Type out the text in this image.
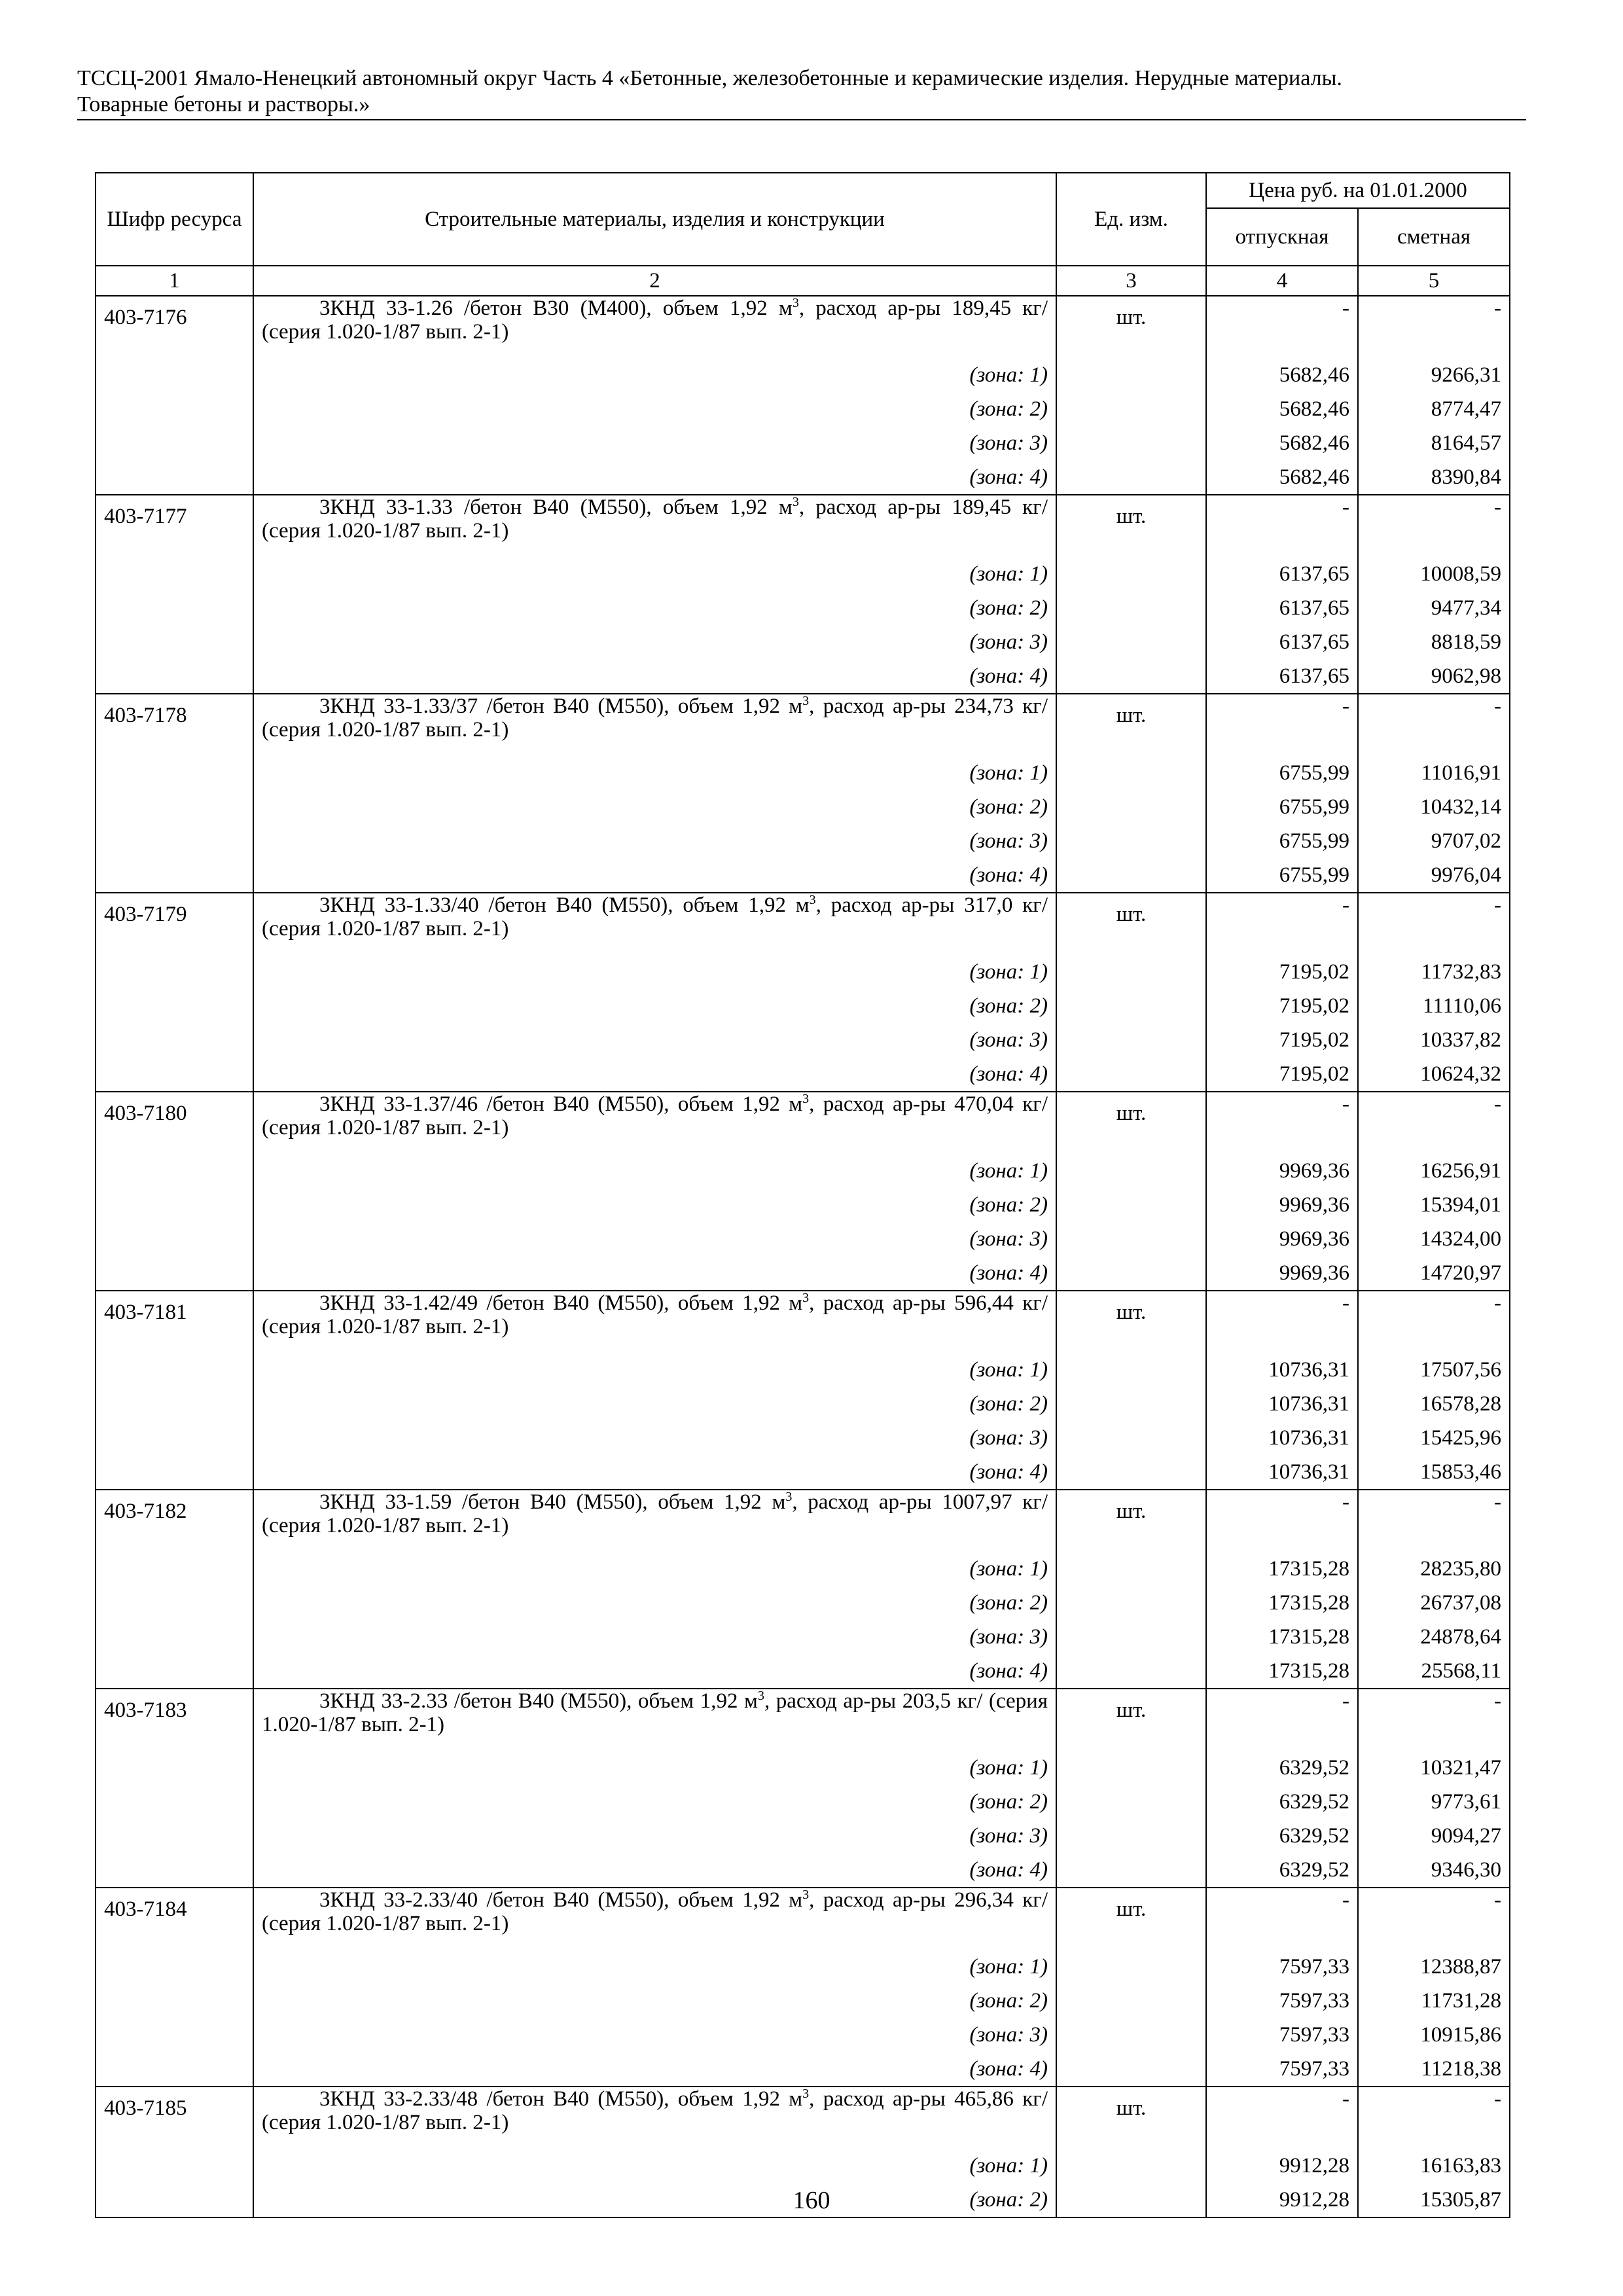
ТССЦ-2001 Ямало-Ненецкий автономный округ Часть 4 «Бетонные, железобетонные и керамические изделия. Нерудные материалы.
Товарные бетоны и растворы.»
Шифр ресурса	Строительные материалы, изделия и конструкции	Ед. изм.	Цена руб. на 01.01.2000	
			отпускная	сметная
1	2	3	4	5
403-7176	3КНД 33-1.26 /бетон В30 (М400), объем 1,92 $м^3$, расход ар-ры 189,45 кг/ (серия 1.020-1/87 вып. 2-1)	шт.	-	-
	(зона: 1)		5682,46	9266,31
	(зона: 2)		5682,46	8774,47
	(зона: 3)		5682,46	8164,57
	(зона: 4)		5682,46	8390,84
403-7177	3КНД 33-1.33 /бетон В40 (М550), объем 1,92 $м^3$, расход ар-ры 189,45 кг/ (серия 1.020-1/87 вып. 2-1)	шт.	-	-
	(зона: 1)		6137,65	10008,59
	(зона: 2)		6137,65	9477,34
	(зона: 3)		6137,65	8818,59
	(зона: 4)		6137,65	9062,98
403-7178	3КНД 33-1.33/37 /бетон В40 (М550), объем 1,92 $м^3$, расход ар-ры 234,73 кг/ (серия 1.020-1/87 вып. 2-1)	шт.	-	-
	(зона: 1)		6755,99	11016,91
	(зона: 2)		6755,99	10432,14
	(зона: 3)		6755,99	9707,02
	(зона: 4)		6755,99	9976,04
403-7179	3КНД 33-1.33/40 /бетон В40 (М550), объем 1,92 $м^3$, расход ар-ры 317,0 кг/ (серия 1.020-1/87 вып. 2-1)	шт.	-	-
	(зона: 1)		7195,02	11732,83
	(зона: 2)		7195,02	11110,06
	(зона: 3)		7195,02	10337,82
	(зона: 4)		7195,02	10624,32
403-7180	3КНД 33-1.37/46 /бетон В40 (М550), объем 1,92 $м^3$, расход ар-ры 470,04 кг/ (серия 1.020-1/87 вып. 2-1)	шт.	-	-
	(зона: 1)		9969,36	16256,91
	(зона: 2)		9969,36	15394,01
	(зона: 3)		9969,36	14324,00
	(зона: 4)		9969,36	14720,97
403-7181	3КНД 33-1.42/49 /бетон В40 (М550), объем 1,92 $м^3$, расход ар-ры 596,44 кг/ (серия 1.020-1/87 вып. 2-1)	шт.	-	-
	(зона: 1)		10736,31	17507,56
	(зона: 2)		10736,31	16578,28
	(зона: 3)		10736,31	15425,96
	(зона: 4)		10736,31	15853,46
403-7182	3КНД 33-1.59 /бетон В40 (М550), объем 1,92 $м^3$, расход ар-ры 1007,97 кг/ (серия 1.020-1/87 вып. 2-1)	шт.	-	-
	(зона: 1)		17315,28	28235,80
	(зона: 2)		17315,28	26737,08
	(зона: 3)		17315,28	24878,64
	(зона: 4)		17315,28	25568,11
403-7183	3КНД 33-2.33 /бетон В40 (М550), объем 1,92 $м^3$, расход ар-ры 203,5 кг/ (серия 1.020-1/87 вып. 2-1)	шт.	-	-
	(зона: 1)		6329,52	10321,47
	(зона: 2)		6329,52	9773,61
	(зона: 3)		6329,52	9094,27
	(зона: 4)		6329,52	9346,30
403-7184	3КНД 33-2.33/40 /бетон В40 (М550), объем 1,92 $м^3$, расход ар-ры 296,34 кг/ (серия 1.020-1/87 вып. 2-1)	шт.	-	-
	(зона: 1)		7597,33	12388,87
	(зона: 2)		7597,33	11731,28
	(зона: 3)		7597,33	10915,86
	(зона: 4)		7597,33	11218,38
403-7185	3КНД 33-2.33/48 /бетон В40 (М550), объем 1,92 $м^3$, расход ар-ры 465,86 кг/ (серия 1.020-1/87 вып. 2-1)	шт.	-	-
	(зона: 1)		9912,28	16163,83
	(зона: 2)		9912,28	15305,87
160
